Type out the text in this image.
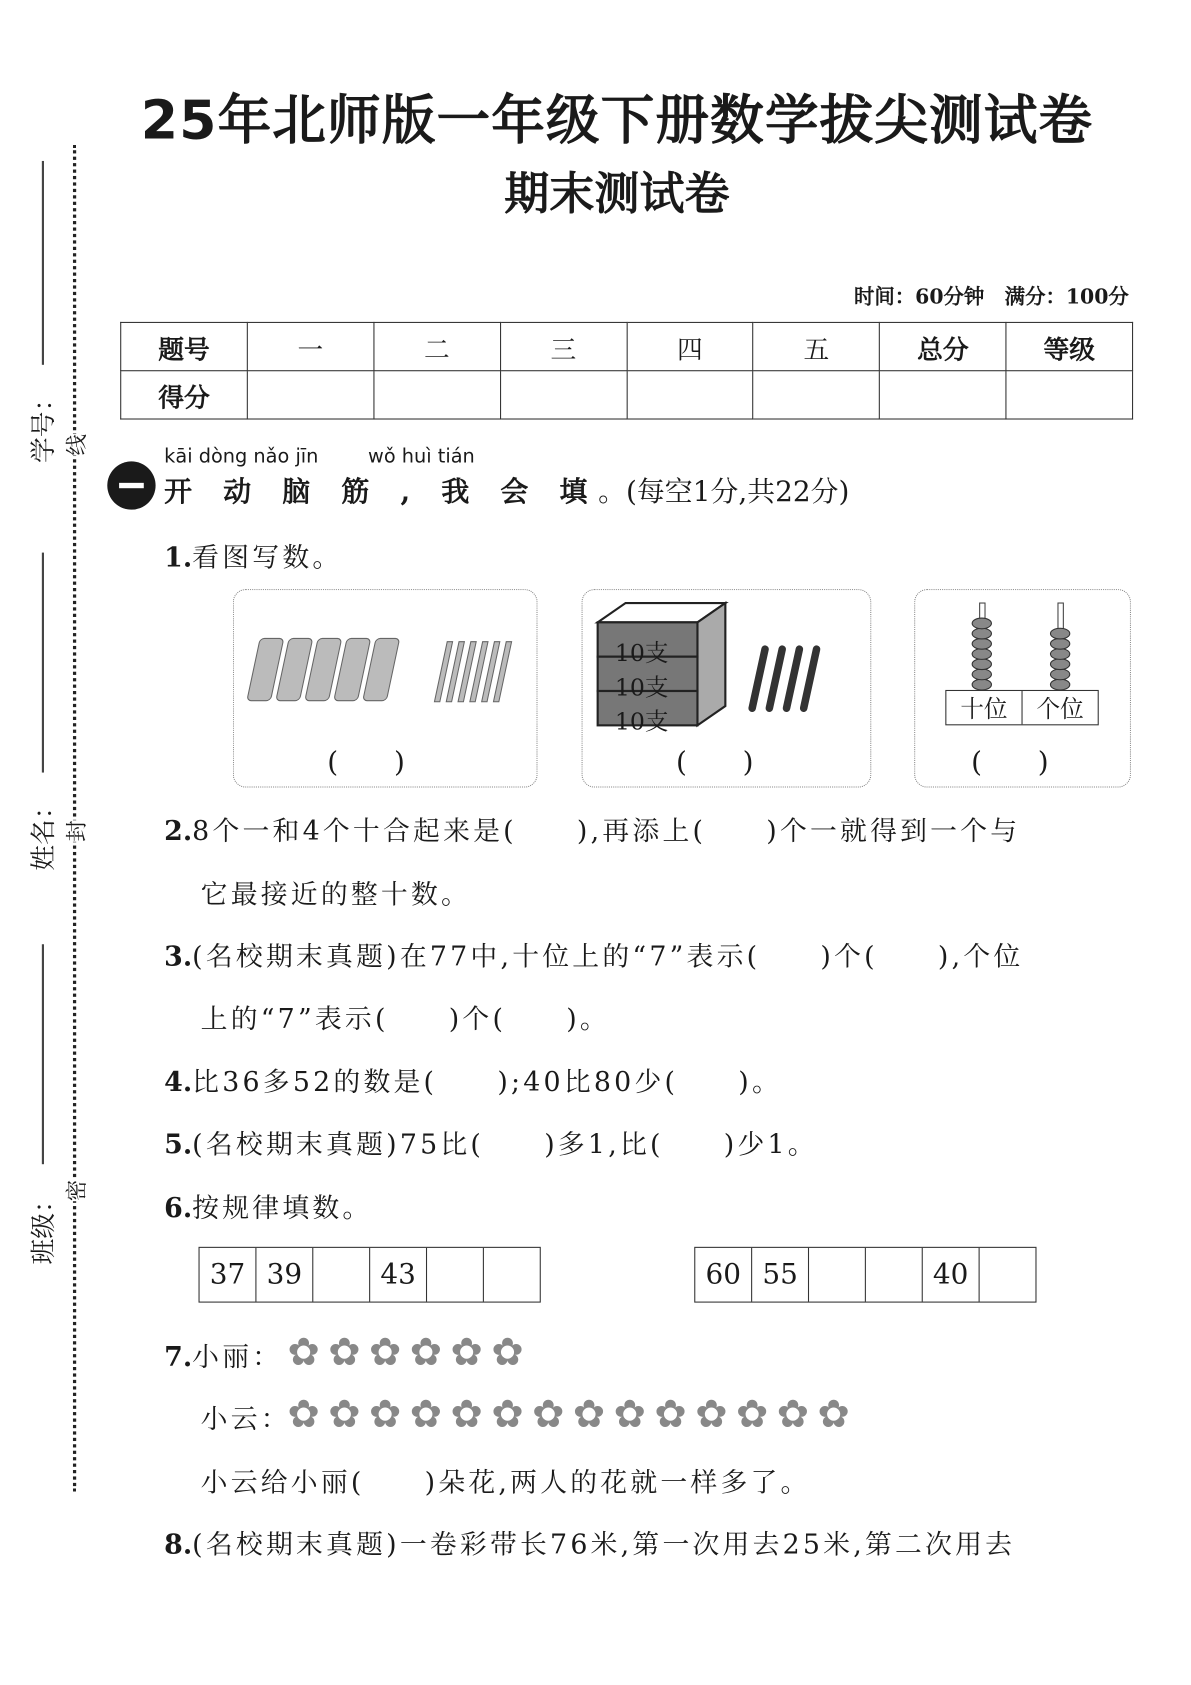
学号：
姓名：
班级：
线
封
密
25年北师版一年级下册数学拔尖测试卷
期末测试卷
时间：60分钟　满分：100分
题号	一	二	三	四	五	总分	等级
得分							
kāi dòng nǎo jīn	wǒ huì tián
开 动 脑 筋 , 我 会 填。(每空1分,共22分)
1.看图写数。
(　　)
10支
10支
10支
(　　)
十位	个位
(　　)
2.8个一和4个十合起来是(　　),再添上(　　)个一就得到一个与
它最接近的整十数。
3.(名校期末真题)在77中,十位上的“7”表示(　　)个(　　),个位
上的“7”表示(　　)个(　　)。
4.比36多52的数是(　　);40比80少(　　)。
5.(名校期末真题)75比(　　)多1,比(　　)少1。
6.按规律填数。
37 39	43	60 55	40
7.小丽： ✿ ✿ ✿ ✿ ✿ ✿
小云：
✿ ✿ ✿ ✿ ✿ ✿ ✿ ✿ ✿ ✿ ✿ ✿ ✿ ✿
小云给小丽(　　)朵花,两人的花就一样多了。
8.(名校期末真题)一卷彩带长76米,第一次用去25米,第二次用去
